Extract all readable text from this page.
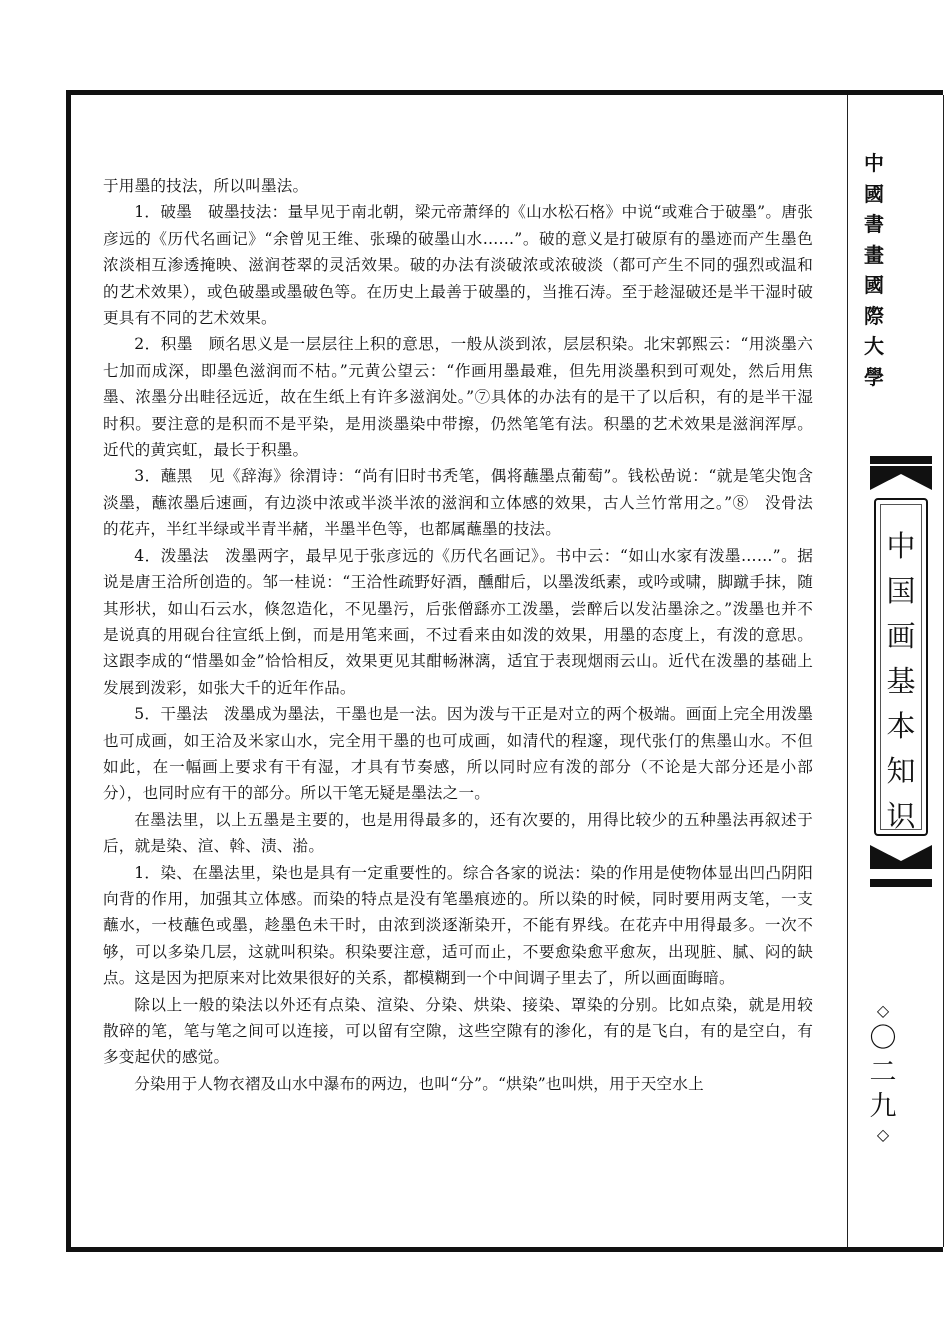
于用墨的技法，所以叫墨法。

1．破墨　破墨技法：量早见于南北朝，梁元帝萧绎的《山水松石格》中说“或难合于破墨”。唐张彦远的《历代名画记》“余曾见王维、张璪的破墨山水……”。破的意义是打破原有的墨迹而产生墨色浓淡相互渗透掩映、滋润苍翠的灵活效果。破的办法有淡破浓或浓破淡（都可产生不同的强烈或温和的艺术效果），或色破墨或墨破色等。在历史上最善于破墨的，当推石涛。至于趁湿破还是半干湿时破更具有不同的艺术效果。

2．积墨　顾名思义是一层层往上积的意思，一般从淡到浓，层层积染。北宋郭熙云：“用淡墨六七加而成深，即墨色滋润而不枯。”元黄公望云：“作画用墨最难，但先用淡墨积到可观处，然后用焦墨、浓墨分出畦径远近，故在生纸上有许多滋润处。”⑦具体的办法有的是干了以后积，有的是半干湿时积。要注意的是积而不是平染，是用淡墨染中带擦，仍然笔笔有法。积墨的艺术效果是滋润浑厚。近代的黄宾虹，最长于积墨。

3．蘸黑　见《辞海》徐渭诗：“尚有旧时书秃笔，偶将蘸墨点葡萄”。钱松嵒说：“就是笔尖饱含淡墨，蘸浓墨后速画，有边淡中浓或半淡半浓的滋润和立体感的效果，古人兰竹常用之。”⑧　没骨法的花卉，半红半绿或半青半赭，半墨半色等，也都属蘸墨的技法。

4．泼墨法　泼墨两字，最早见于张彦远的《历代名画记》。书中云：“如山水家有泼墨……”。据说是唐王洽所创造的。邹一桂说：“王洽性疏野好酒，醺酣后，以墨泼纸素，或吟或啸，脚蹴手抹，随其形状，如山石云水，倏忽造化，不见墨污，后张僧繇亦工泼墨，尝醉后以发沾墨涂之。”泼墨也并不是说真的用砚台往宣纸上倒，而是用笔来画，不过看来由如泼的效果，用墨的态度上，有泼的意思。这跟李成的“惜墨如金”恰恰相反，效果更见其酣畅淋漓，适宜于表现烟雨云山。近代在泼墨的基础上发展到泼彩，如张大千的近年作品。

5．干墨法　泼墨成为墨法，干墨也是一法。因为泼与干正是对立的两个极端。画面上完全用泼墨也可成画，如王洽及米家山水，完全用干墨的也可成画，如清代的程邃，现代张仃的焦墨山水。不但如此，在一幅画上要求有干有湿，才具有节奏感，所以同时应有泼的部分（不论是大部分还是小部分），也同时应有干的部分。所以干笔无疑是墨法之一。

在墨法里，以上五墨是主要的，也是用得最多的，还有次要的，用得比较少的五种墨法再叙述于后，就是染、渲、斡、渍、湁。

1．染、在墨法里，染也是具有一定重要性的。综合各家的说法：染的作用是使物体显出凹凸阴阳向背的作用，加强其立体感。而染的特点是没有笔墨痕迹的。所以染的时候，同时要用两支笔，一支蘸水，一枝蘸色或墨，趁墨色未干时，由浓到淡逐渐染开，不能有界线。在花卉中用得最多。一次不够，可以多染几层，这就叫积染。积染要注意，适可而止，不要愈染愈平愈灰，出现脏、腻、闷的缺点。这是因为把原来对比效果很好的关系，都模糊到一个中间调子里去了，所以画面晦暗。

除以上一般的染法以外还有点染、渲染、分染、烘染、接染、罩染的分别。比如点染，就是用较散碎的笔，笔与笔之间可以连接，可以留有空隙，这些空隙有的渗化，有的是飞白，有的是空白，有多变起伏的感觉。

分染用于人物衣褶及山水中瀑布的两边，也叫“分”。“烘染”也叫烘，用于天空水上

中
國
書
畫
國
際
大
學
中
国
画
基
本
知
识
◇
〇
二
九
◇
